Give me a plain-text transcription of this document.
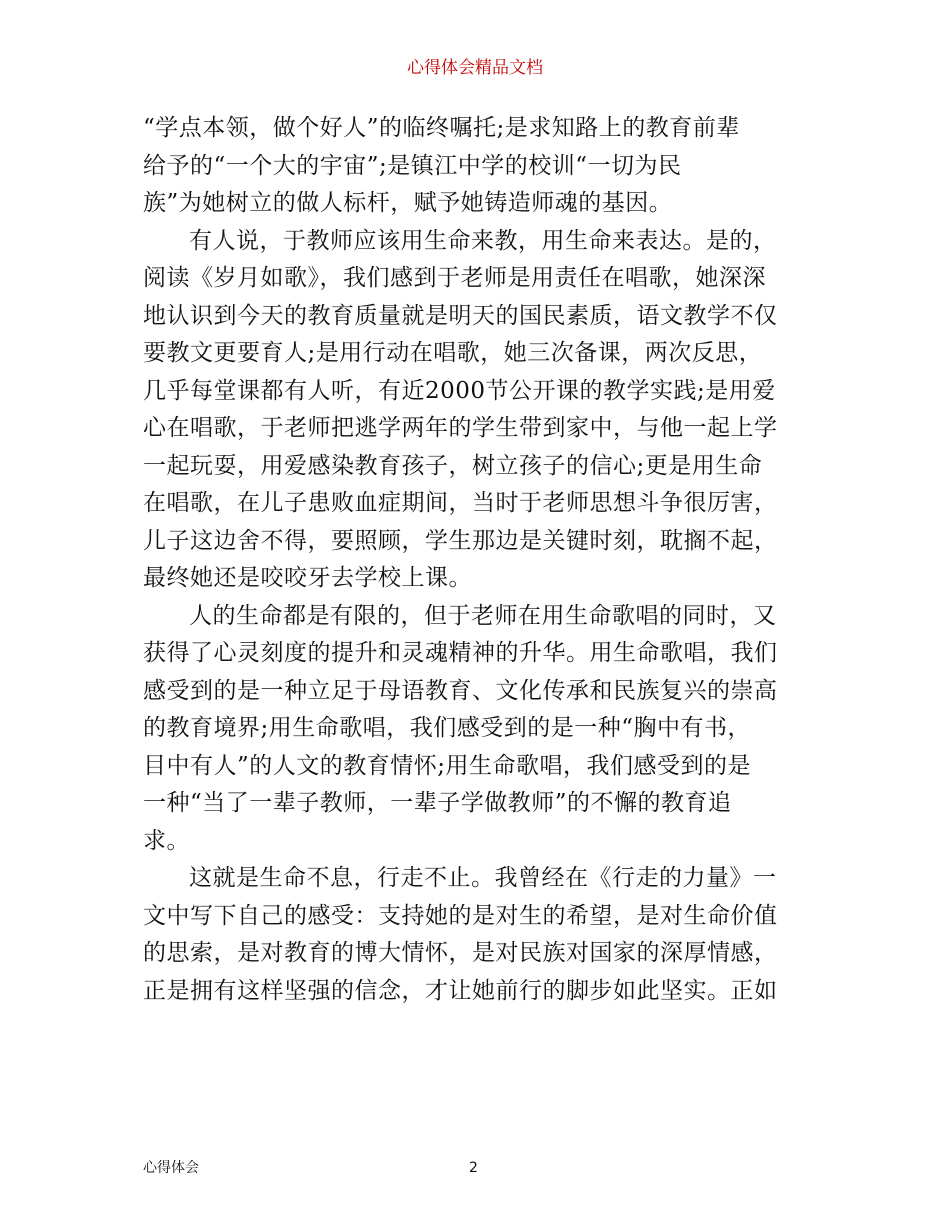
心得体会精品文档
“学点本领，做个好人”的临终嘱托;是求知路上的教育前辈
给予的“一个大的宇宙”;是镇江中学的校训“一切为民
族”为她树立的做人标杆，赋予她铸造师魂的基因。
有人说，于教师应该用生命来教，用生命来表达。是的，
阅读《岁月如歌》，我们感到于老师是用责任在唱歌，她深深
地认识到今天的教育质量就是明天的国民素质，语文教学不仅
要教文更要育人;是用行动在唱歌，她三次备课，两次反思，
几乎每堂课都有人听，有近2000节公开课的教学实践;是用爱
心在唱歌，于老师把逃学两年的学生带到家中，与他一起上学
一起玩耍，用爱感染教育孩子，树立孩子的信心;更是用生命
在唱歌，在儿子患败血症期间，当时于老师思想斗争很厉害，
儿子这边舍不得，要照顾，学生那边是关键时刻，耽搁不起，
最终她还是咬咬牙去学校上课。
人的生命都是有限的，但于老师在用生命歌唱的同时，又
获得了心灵刻度的提升和灵魂精神的升华。用生命歌唱，我们
感受到的是一种立足于母语教育、文化传承和民族复兴的崇高
的教育境界;用生命歌唱，我们感受到的是一种“胸中有书，
目中有人”的人文的教育情怀;用生命歌唱，我们感受到的是
一种“当了一辈子教师，一辈子学做教师”的不懈的教育追
求。
这就是生命不息，行走不止。我曾经在《行走的力量》一
文中写下自己的感受：支持她的是对生的希望，是对生命价值
的思索，是对教育的博大情怀，是对民族对国家的深厚情感，
正是拥有这样坚强的信念，才让她前行的脚步如此坚实。正如
心得体会	2
